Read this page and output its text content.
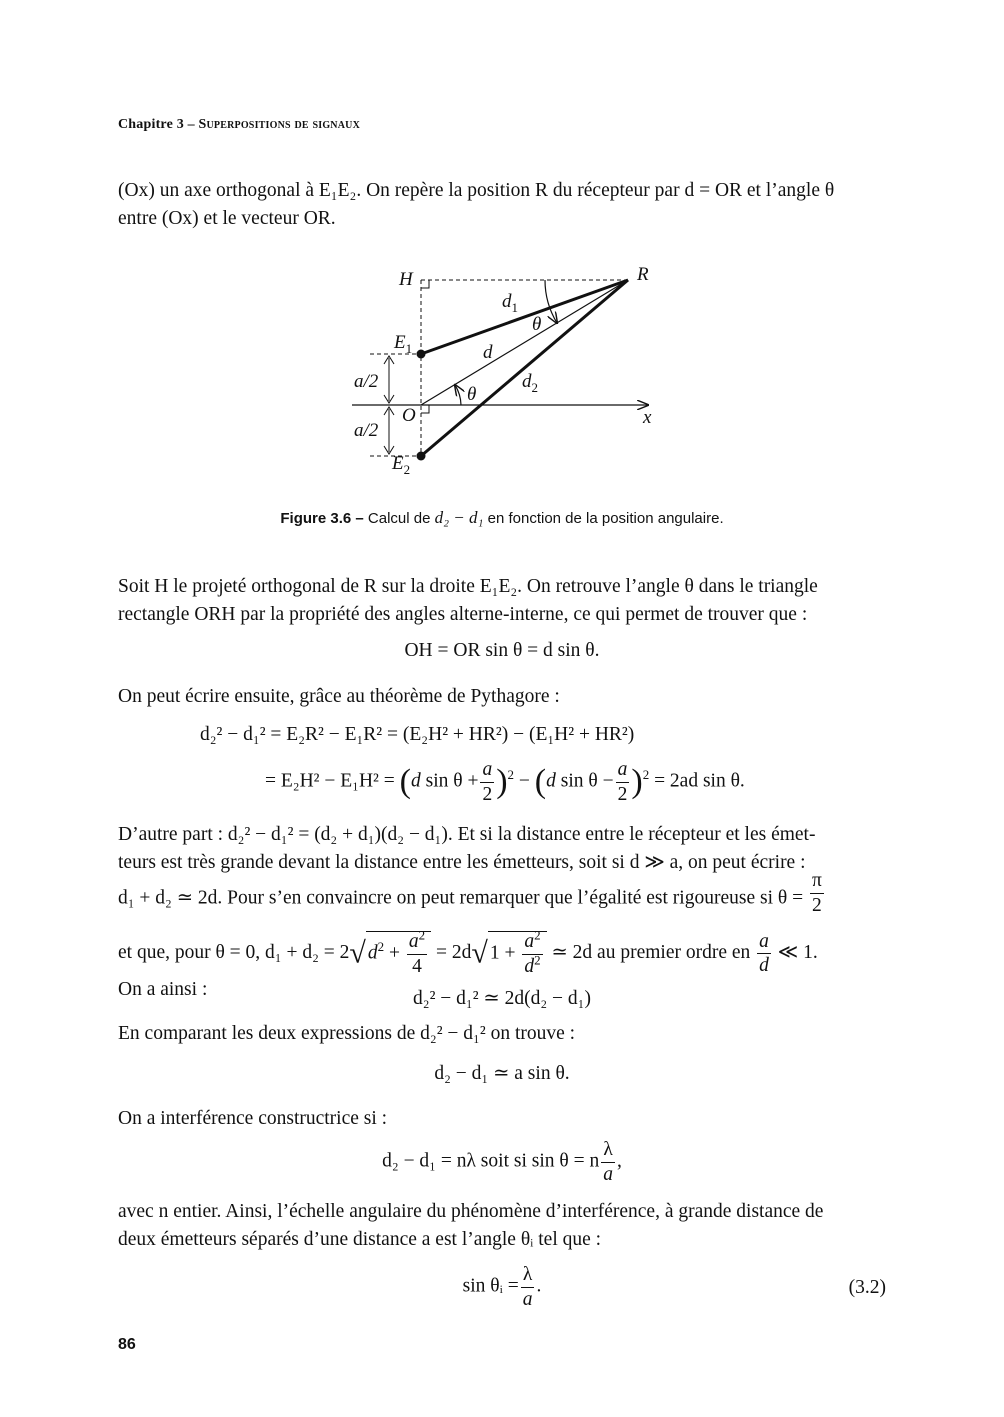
Chapitre 3 – Superpositions de signaux

(Ox) un axe orthogonal à E₁E₂. On repère la position R du récepteur par d = OR et l’angle θ

entre (Ox) et le vecteur OR.

H	R
$E_1$
$E_2$
O	x
$d_1$
d
$d_2$
θ
θ
a/2
a/2
Figure 3.6 – Calcul de d₂ − d₁ en fonction de la position angulaire.

Soit H le projeté orthogonal de R sur la droite E₁E₂. On retrouve l’angle θ dans le triangle

rectangle ORH par la propriété des angles alterne-interne, ce qui permet de trouver que :

OH = OR sin θ = d sin θ.

On peut écrire ensuite, grâce au théorème de Pythagore :

d₂² − d₁² = E₂R² − E₁R² = (E₂H² + HR²) − (E₁H² + HR²)
= E₂H² − E₁H² = (d $\sin \theta + \frac{a}{2} )^2 - (d$ $\sin \theta - \frac{a}{2} )^2 = 2ad$ sin θ.

D’autre part : d₂² − d₁² = (d₂ + d₁)(d₂ − d₁). Et si la distance entre le récepteur et les émet-

teurs est très grande devant la distance entre les émetteurs, soit si d ≫ a, on peut écrire :

d₁ + d₂ ≃ 2d. Pour s’en convaincre on peut remarquer que l’égalité est rigoureuse si $\theta = \frac{\pi}{2}$

et que, pour θ = 0, d₁ + d₂ = 2√ $d^2 + \frac{a^2}{4} = 2d√$ $1 + \frac{a^2}{d^2}$ ≃ 2d au premier ordre en $\frac{a}{d}$ ≪ 1.

On a ainsi :	d₂² − d₁² ≃ 2d(d₂ − d₁)

En comparant les deux expressions de d₂² − d₁² on trouve :

d₂ − d₁ ≃ a sin θ.

On a interférence constructrice si :

d₂ − d₁ = nλ soit si sin θ = n $\frac{\lambda}{a}$ ,

avec n entier. Ainsi, l’échelle angulaire du phénomène d’interférence, à grande distance de

deux émetteurs séparés d’une distance a est l’angle θᵢ tel que :

sin θᵢ = $\frac{\lambda}{a}$ .	(3.2)
86
